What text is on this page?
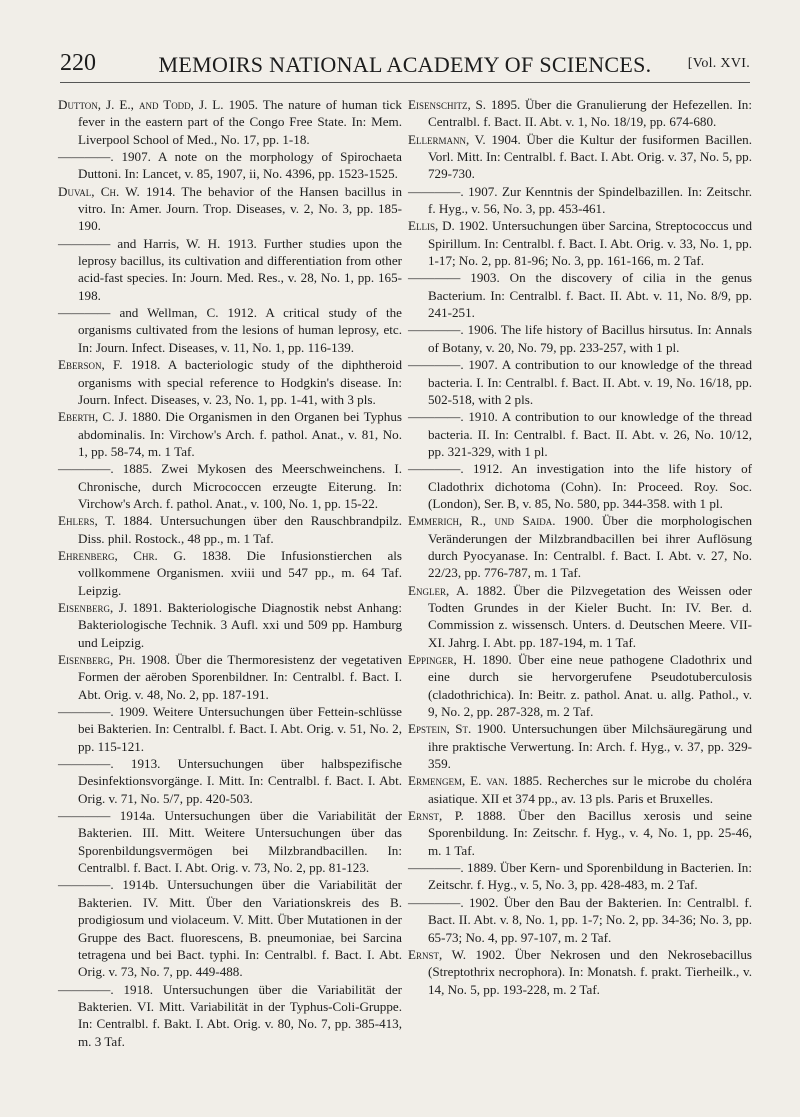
220	MEMOIRS NATIONAL ACADEMY OF SCIENCES.	[Vol. XVI.

Dutton, J. E., and Todd, J. L. 1905. The nature of human tick fever in the eastern part of the Congo Free State. In: Mem. Liverpool School of Med., No. 17, pp. 1-18.

————. 1907. A note on the morphology of Spirochaeta Duttoni. In: Lancet, v. 85, 1907, ii, No. 4396, pp. 1523-1525.

Duval, Ch. W. 1914. The behavior of the Hansen bacillus in vitro. In: Amer. Journ. Trop. Diseases, v. 2, No. 3, pp. 185-190.

———— and Harris, W. H. 1913. Further studies upon the leprosy bacillus, its cultivation and differentiation from other acid-fast species. In: Journ. Med. Res., v. 28, No. 1, pp. 165-198.

———— and Wellman, C. 1912. A critical study of the organisms cultivated from the lesions of human leprosy, etc. In: Journ. Infect. Diseases, v. 11, No. 1, pp. 116-139.

Eberson, F. 1918. A bacteriologic study of the diphtheroid organisms with special reference to Hodgkin's disease. In: Journ. Infect. Diseases, v. 23, No. 1, pp. 1-41, with 3 pls.

Eberth, C. J. 1880. Die Organismen in den Organen bei Typhus abdominalis. In: Virchow's Arch. f. pathol. Anat., v. 81, No. 1, pp. 58-74, m. 1 Taf.

————. 1885. Zwei Mykosen des Meerschweinchens. I. Chronische, durch Micrococcen erzeugte Eiterung. In: Virchow's Arch. f. pathol. Anat., v. 100, No. 1, pp. 15-22.

Ehlers, T. 1884. Untersuchungen über den Rauschbrandpilz. Diss. phil. Rostock., 48 pp., m. 1 Taf.

Ehrenberg, Chr. G. 1838. Die Infusionstierchen als vollkommene Organismen. xviii und 547 pp., m. 64 Taf. Leipzig.

Eisenberg, J. 1891. Bakteriologische Diagnostik nebst Anhang: Bakteriologische Technik. 3 Aufl. xxi und 509 pp. Hamburg und Leipzig.

Eisenberg, Ph. 1908. Über die Thermoresistenz der vegetativen Formen der aëroben Sporenbildner. In: Centralbl. f. Bact. I. Abt. Orig. v. 48, No. 2, pp. 187-191.

————. 1909. Weitere Untersuchungen über Fettein-schlüsse bei Bakterien. In: Centralbl. f. Bact. I. Abt. Orig. v. 51, No. 2, pp. 115-121.

————. 1913. Untersuchungen über halbspezifische Desinfektionsvorgänge. I. Mitt. In: Centralbl. f. Bact. I. Abt. Orig. v. 71, No. 5/7, pp. 420-503.

———— 1914a. Untersuchungen über die Variabilität der Bakterien. III. Mitt. Weitere Untersuchungen über das Sporenbildungsvermögen bei Milzbrandbacillen. In: Centralbl. f. Bact. I. Abt. Orig. v. 73, No. 2, pp. 81-123.

————. 1914b. Untersuchungen über die Variabilität der Bakterien. IV. Mitt. Über den Variationskreis des B. prodigiosum und violaceum. V. Mitt. Über Mutationen in der Gruppe des Bact. fluorescens, B. pneumoniae, bei Sarcina tetragena und bei Bact. typhi. In: Centralbl. f. Bact. I. Abt. Orig. v. 73, No. 7, pp. 449-488.

————. 1918. Untersuchungen über die Variabilität der Bakterien. VI. Mitt. Variabilität in der Typhus-Coli-Gruppe. In: Centralbl. f. Bakt. I. Abt. Orig. v. 80, No. 7, pp. 385-413, m. 3 Taf.

Eisenschitz, S. 1895. Über die Granulierung der Hefezellen. In: Centralbl. f. Bact. II. Abt. v. 1, No. 18/19, pp. 674-680.

Ellermann, V. 1904. Über die Kultur der fusiformen Bacillen. Vorl. Mitt. In: Centralbl. f. Bact. I. Abt. Orig. v. 37, No. 5, pp. 729-730.

————. 1907. Zur Kenntnis der Spindelbazillen. In: Zeitschr. f. Hyg., v. 56, No. 3, pp. 453-461.

Ellis, D. 1902. Untersuchungen über Sarcina, Streptococcus und Spirillum. In: Centralbl. f. Bact. I. Abt. Orig. v. 33, No. 1, pp. 1-17; No. 2, pp. 81-96; No. 3, pp. 161-166, m. 2 Taf.

———— 1903. On the discovery of cilia in the genus Bacterium. In: Centralbl. f. Bact. II. Abt. v. 11, No. 8/9, pp. 241-251.

————. 1906. The life history of Bacillus hirsutus. In: Annals of Botany, v. 20, No. 79, pp. 233-257, with 1 pl.

————. 1907. A contribution to our knowledge of the thread bacteria. I. In: Centralbl. f. Bact. II. Abt. v. 19, No. 16/18, pp. 502-518, with 2 pls.

————. 1910. A contribution to our knowledge of the thread bacteria. II. In: Centralbl. f. Bact. II. Abt. v. 26, No. 10/12, pp. 321-329, with 1 pl.

————. 1912. An investigation into the life history of Cladothrix dichotoma (Cohn). In: Proceed. Roy. Soc. (London), Ser. B, v. 85, No. 580, pp. 344-358. with 1 pl.

Emmerich, R., und Saida. 1900. Über die morphologischen Veränderungen der Milzbrandbacillen bei ihrer Auflösung durch Pyocyanase. In: Centralbl. f. Bact. I. Abt. v. 27, No. 22/23, pp. 776-787, m. 1 Taf.

Engler, A. 1882. Über die Pilzvegetation des Weissen oder Todten Grundes in der Kieler Bucht. In: IV. Ber. d. Commission z. wissensch. Unters. d. Deutschen Meere. VII-XI. Jahrg. I. Abt. pp. 187-194, m. 1 Taf.

Eppinger, H. 1890. Über eine neue pathogene Cladothrix und eine durch sie hervorgerufene Pseudotuberculosis (cladothrichica). In: Beitr. z. pathol. Anat. u. allg. Pathol., v. 9, No. 2, pp. 287-328, m. 2 Taf.

Epstein, St. 1900. Untersuchungen über Milchsäuregärung und ihre praktische Verwertung. In: Arch. f. Hyg., v. 37, pp. 329-359.

Ermengem, E. van. 1885. Recherches sur le microbe du choléra asiatique. XII et 374 pp., av. 13 pls. Paris et Bruxelles.

Ernst, P. 1888. Über den Bacillus xerosis und seine Sporenbildung. In: Zeitschr. f. Hyg., v. 4, No. 1, pp. 25-46, m. 1 Taf.

————. 1889. Über Kern- und Sporenbildung in Bacterien. In: Zeitschr. f. Hyg., v. 5, No. 3, pp. 428-483, m. 2 Taf.

————. 1902. Über den Bau der Bakterien. In: Centralbl. f. Bact. II. Abt. v. 8, No. 1, pp. 1-7; No. 2, pp. 34-36; No. 3, pp. 65-73; No. 4, pp. 97-107, m. 2 Taf.

Ernst, W. 1902. Über Nekrosen und den Nekrosebacillus (Streptothrix necrophora). In: Monatsh. f. prakt. Tierheilk., v. 14, No. 5, pp. 193-228, m. 2 Taf.
